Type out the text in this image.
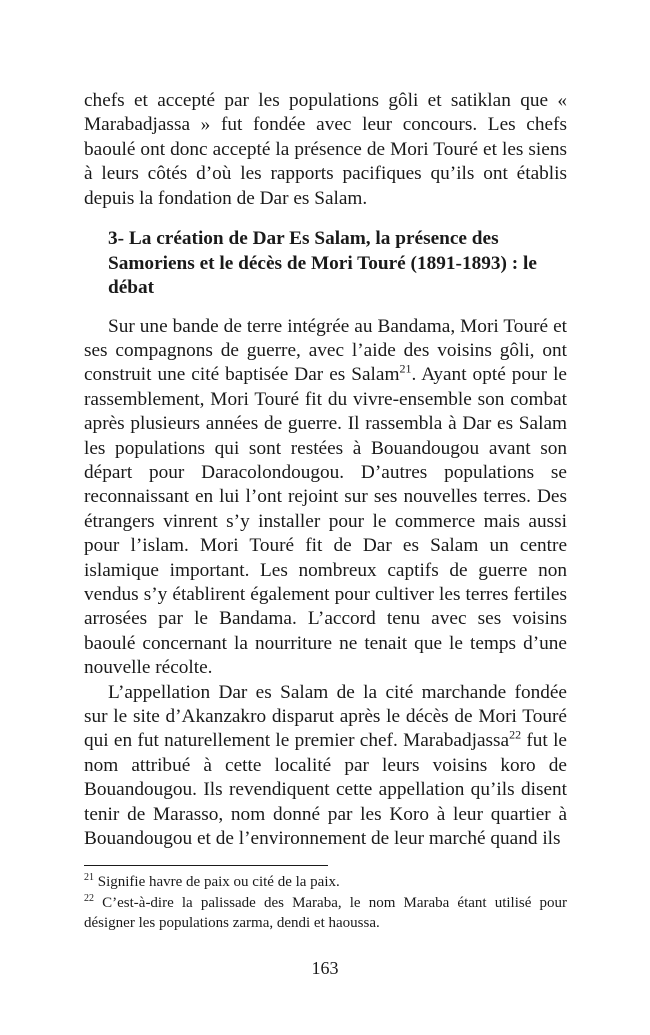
chefs et accepté par les populations gôli et satiklan que « Marabadjassa » fut fondée avec leur concours. Les chefs baoulé ont donc accepté la présence de Mori Touré et les siens à leurs côtés d’où les rapports pacifiques qu’ils ont établis depuis la fondation de Dar es Salam.

3- La création de Dar Es Salam, la présence des Samoriens et le décès de Mori Touré (1891-1893) : le débat

Sur une bande de terre intégrée au Bandama, Mori Touré et ses compagnons de guerre, avec l’aide des voisins gôli, ont construit une cité baptisée Dar es Salam$^{21}$. Ayant opté pour le rassemblement, Mori Touré fit du vivre-ensemble son combat après plusieurs années de guerre. Il rassembla à Dar es Salam les populations qui sont restées à Bouandougou avant son départ pour Daracolondougou. D’autres populations se reconnaissant en lui l’ont rejoint sur ses nouvelles terres. Des étrangers vinrent s’y installer pour le commerce mais aussi pour l’islam. Mori Touré fit de Dar es Salam un centre islamique important. Les nombreux captifs de guerre non vendus s’y établirent également pour cultiver les terres fertiles arrosées par le Bandama. L’accord tenu avec ses voisins baoulé concernant la nourriture ne tenait que le temps d’une nouvelle récolte.

L’appellation Dar es Salam de la cité marchande fondée sur le site d’Akanzakro disparut après le décès de Mori Touré qui en fut naturellement le premier chef. Marabadjassa$^{22}$ fut le nom attribué à cette localité par leurs voisins koro de Bouandougou. Ils revendiquent cette appellation qu’ils disent tenir de Marasso, nom donné par les Koro à leur quartier à Bouandougou et de l’environnement de leur marché quand ils

$^{21}$ Signifie havre de paix ou cité de la paix.

$^{22}$ C’est-à-dire la palissade des Maraba, le nom Maraba étant utilisé pour désigner les populations zarma, dendi et haoussa.

163
